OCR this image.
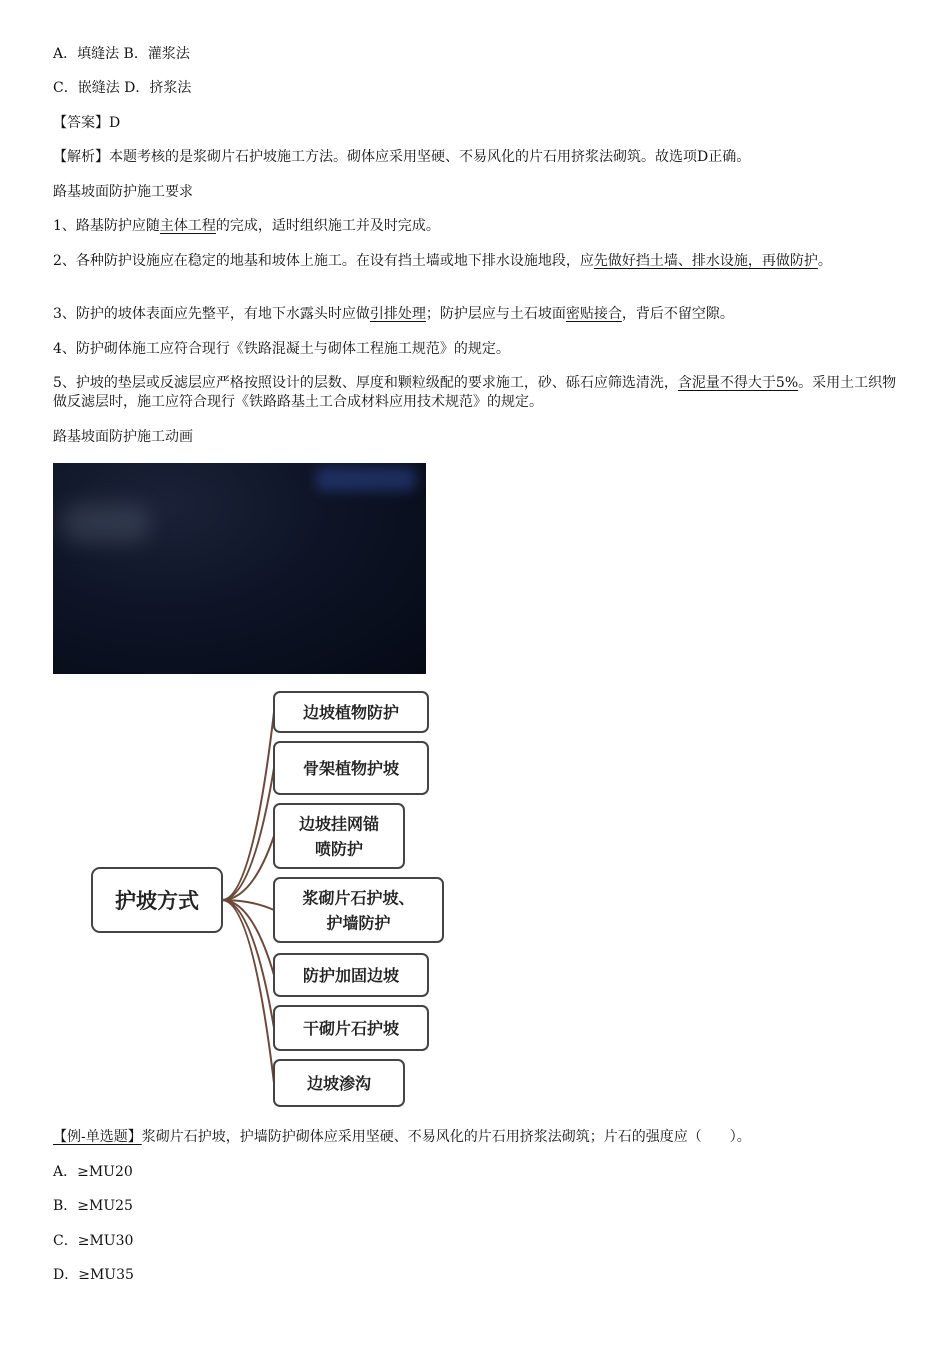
A．填缝法 B．灌浆法
C．嵌缝法 D．挤浆法
【答案】D
【解析】本题考核的是浆砌片石护坡施工方法。砌体应采用坚硬、不易风化的片石用挤浆法砌筑。故选项D正确。
路基坡面防护施工要求
1、路基防护应随主体工程的完成，适时组织施工并及时完成。
2、各种防护设施应在稳定的地基和坡体上施工。在设有挡土墙或地下排水设施地段，应先做好挡土墙、排水设施，再做防护。
3、防护的坡体表面应先整平，有地下水露头时应做引排处理；防护层应与土石坡面密贴接合，背后不留空隙。
4、防护砌体施工应符合现行《铁路混凝土与砌体工程施工规范》的规定。
5、护坡的垫层或反滤层应严格按照设计的层数、厚度和颗粒级配的要求施工，砂、砾石应筛选清洗，含泥量不得大于5%。采用土工织物做反滤层时，施工应符合现行《铁路路基土工合成材料应用技术规范》的规定。
路基坡面防护施工动画
护坡方式
边坡植物防护
骨架植物护坡
边坡挂网锚
喷防护
浆砌片石护坡、
护墙防护
防护加固边坡
干砌片石护坡
边坡渗沟
【例-单选题】浆砌片石护坡，护墙防护砌体应采用坚硬、不易风化的片石用挤浆法砌筑；片石的强度应（　　）。
A．≥MU20
B．≥MU25
C．≥MU30
D．≥MU35
